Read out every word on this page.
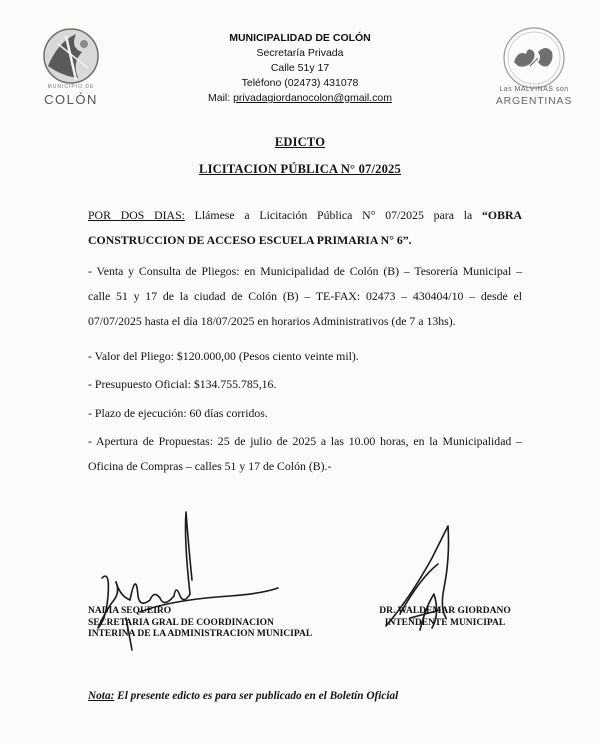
MUNICIPIO DE
COLÓN
Las MALVINAS son
ARGENTINAS
MUNICIPALIDAD DE COLÓN
Secretaría Privada
Calle 51y 17
Teléfono (02473) 431078
Mail: privadagiordanocolon@gmail.com
EDICTO
LICITACION PÚBLICA N° 07/2025
POR DOS DIAS: Llámese a Licitación Pública N° 07/2025 para la “OBRA
CONSTRUCCION DE ACCESO ESCUELA PRIMARIA N° 6”.
- Venta y Consulta de Pliegos: en Municipalidad de Colón (B) – Tesorería Municipal –
calle 51 y 17 de la ciudad de Colón (B) – TE-FAX: 02473 – 430404/10 – desde el
07/07/2025 hasta el día 18/07/2025 en horarios Administrativos (de 7 a 13hs).
- Valor del Pliego: $120.000,00 (Pesos ciento veinte mil).
- Presupuesto Oficial: $134.755.785,16.
- Plazo de ejecución: 60 días corridos.
- Apertura de Propuestas: 25 de julio de 2025 a las 10.00 horas, en la Municipalidad –
Oficina de Compras – calles 51 y 17 de Colón (B).-
NADIA SEQUEIRO
SECRETARIA GRAL DE COORDINACION
INTERINA DE LA ADMINISTRACION MUNICIPAL
DR. WALDEMAR GIORDANO
INTENDENTE MUNICIPAL
Nota: El presente edicto es para ser publicado en el Boletín Oficial
